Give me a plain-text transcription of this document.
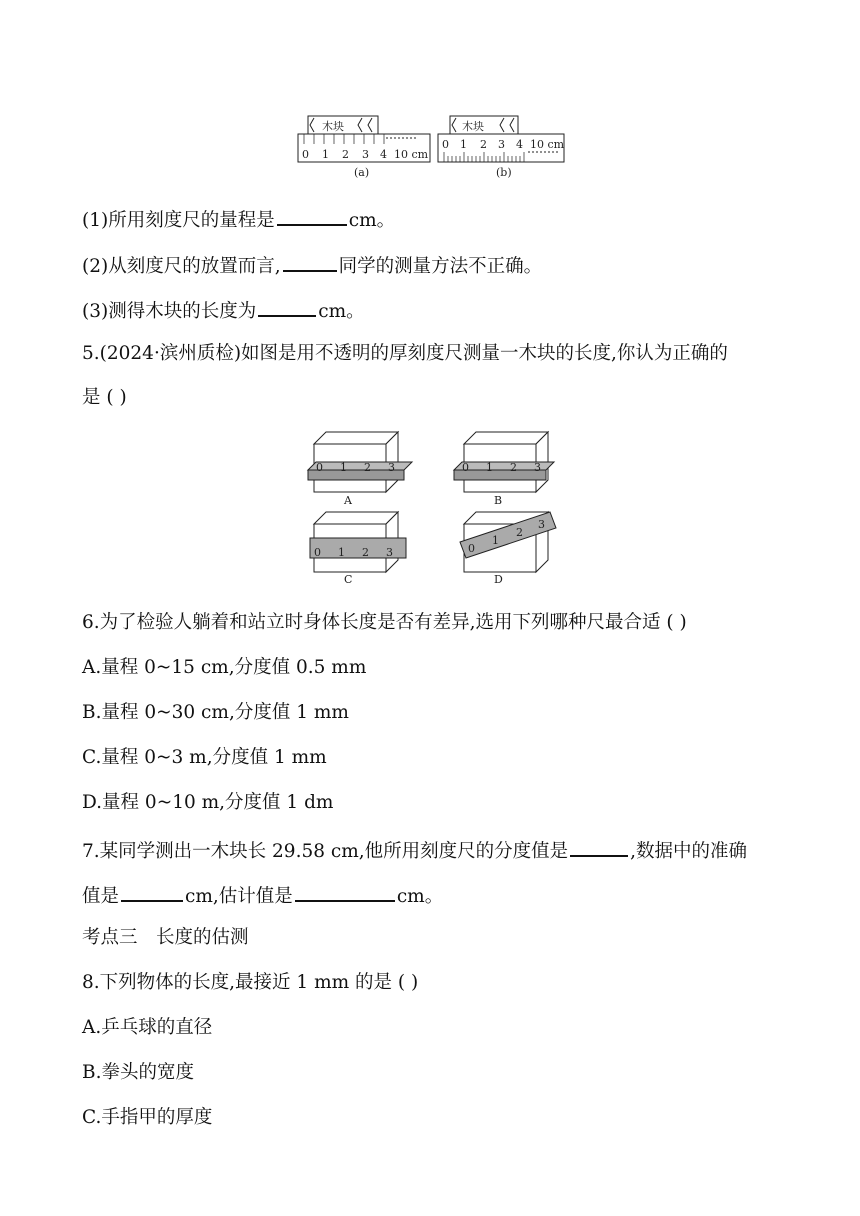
木块
0 1 2 3 4 10 cm
(a)
木块
0 1 2 3 4 10 cm
(b)
(1)所用刻度尺的量程是	cm。
(2)从刻度尺的放置而言,	同学的测量方法不正确。
(3)测得木块的长度为	cm。
5.(2024·滨州质检)如图是用不透明的厚刻度尺测量一木块的长度,你认为正确的
是 ( )
0 1 2 3
A
0 1 2 3
B
0 1 2 3
C
0
1
2
3
D
6.为了检验人躺着和站立时身体长度是否有差异,选用下列哪种尺最合适 ( )
A.量程 0~15 cm,分度值 0.5 mm
B.量程 0~30 cm,分度值 1 mm
C.量程 0~3 m,分度值 1 mm
D.量程 0~10 m,分度值 1 dm
7.某同学测出一木块长 29.58 cm,他所用刻度尺的分度值是	,数据中的准确
值是	cm,估计值是	cm。
考点三　长度的估测
8.下列物体的长度,最接近 1 mm 的是 ( )
A.乒乓球的直径
B.拳头的宽度
C.手指甲的厚度
